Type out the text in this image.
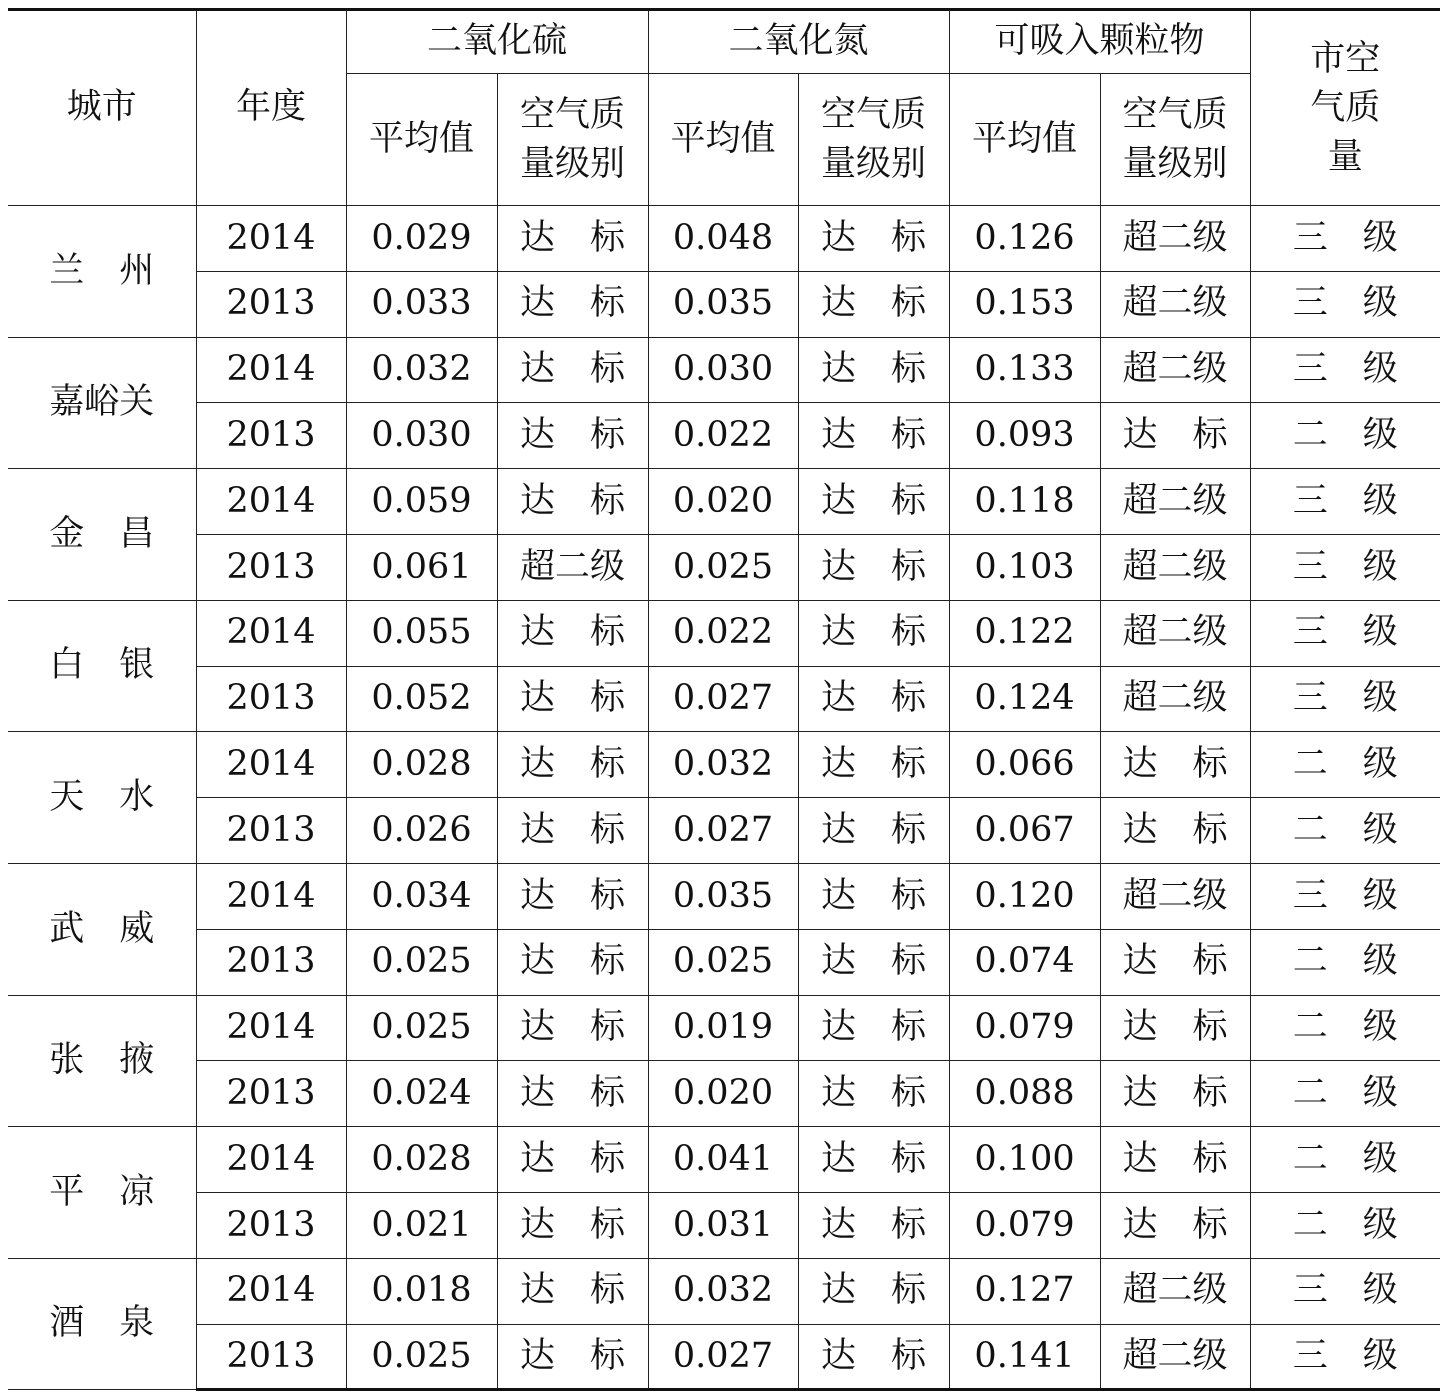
城市	年度	二氧化硫		二氧化氮		可吸入颗粒物		市空气质量
		平均值	空气质量级别	平均值	空气质量级别	平均值	空气质量级别	
兰　州	2014	0.029	达　标	0.048	达　标	0.126	超二级	三　级
	2013	0.033	达　标	0.035	达　标	0.153	超二级	三　级
嘉峪关	2014	0.032	达　标	0.030	达　标	0.133	超二级	三　级
	2013	0.030	达　标	0.022	达　标	0.093	达　标	二　级
金　昌	2014	0.059	达　标	0.020	达　标	0.118	超二级	三　级
	2013	0.061	超二级	0.025	达　标	0.103	超二级	三　级
白　银	2014	0.055	达　标	0.022	达　标	0.122	超二级	三　级
	2013	0.052	达　标	0.027	达　标	0.124	超二级	三　级
天　水	2014	0.028	达　标	0.032	达　标	0.066	达　标	二　级
	2013	0.026	达　标	0.027	达　标	0.067	达　标	二　级
武　威	2014	0.034	达　标	0.035	达　标	0.120	超二级	三　级
	2013	0.025	达　标	0.025	达　标	0.074	达　标	二　级
张　掖	2014	0.025	达　标	0.019	达　标	0.079	达　标	二　级
	2013	0.024	达　标	0.020	达　标	0.088	达　标	二　级
平　凉	2014	0.028	达　标	0.041	达　标	0.100	达　标	二　级
	2013	0.021	达　标	0.031	达　标	0.079	达　标	二　级
酒　泉	2014	0.018	达　标	0.032	达　标	0.127	超二级	三　级
	2013	0.025	达　标	0.027	达　标	0.141	超二级	三　级
